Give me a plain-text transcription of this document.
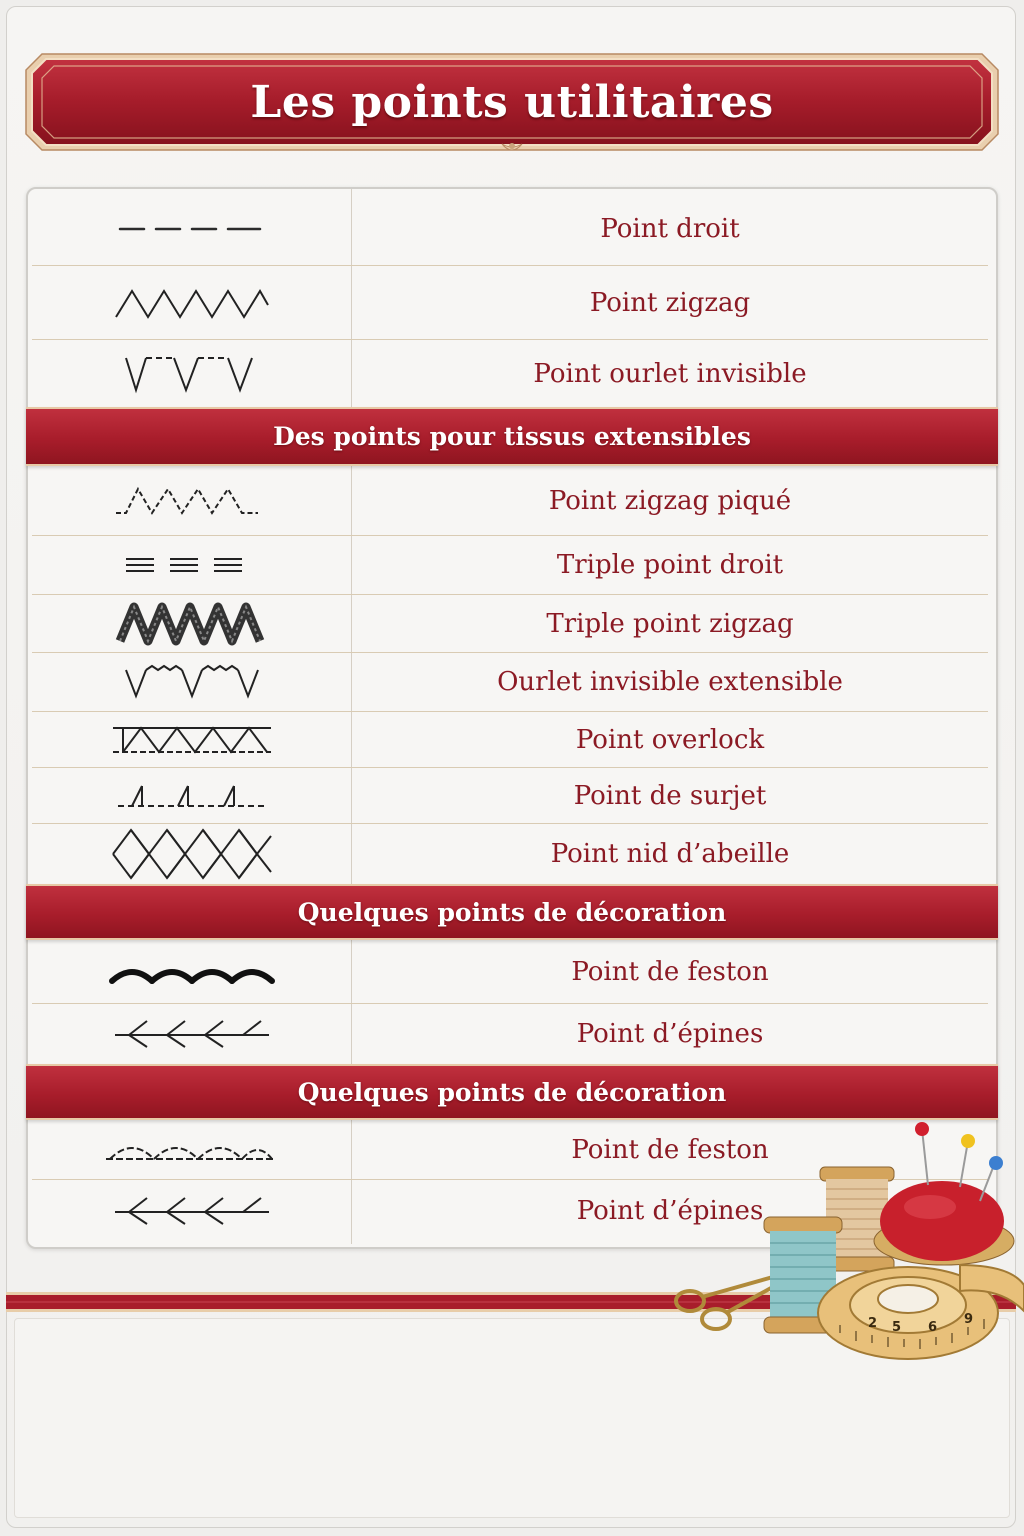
Les points utilitaires
Point droit
Point zigzag
Point ourlet invisible
Des points pour tissus extensibles
Point zigzag piqué
Triple point droit
Triple point zigzag
Ourlet invisible extensible
Point overlock
Point de surjet
Point nid d’abeille
Quelques points de décoration
Point de feston
Point d’épines
Quelques points de décoration
Point de feston
Point d’épines
2 5 6
9
